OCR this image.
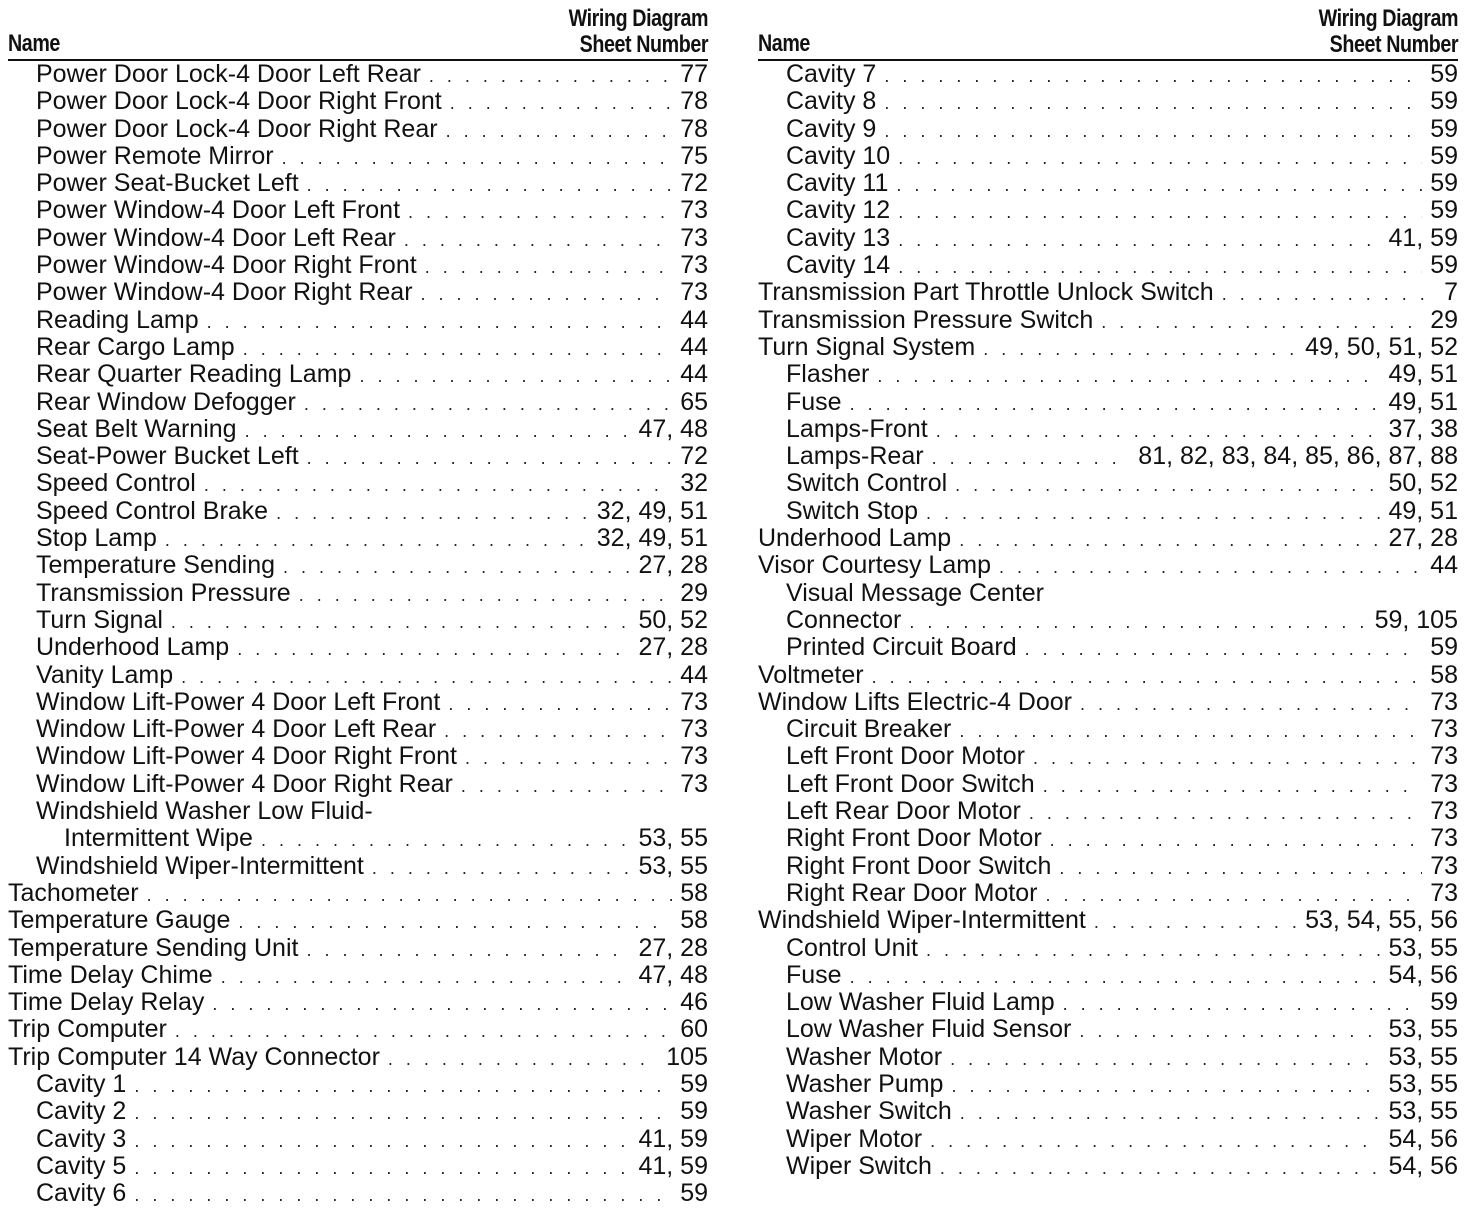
Name
Wiring Diagram
Sheet Number
Power Door Lock-4 Door Left Rear . . .	77
Power Door Lock-4 Door Right Front . . .	78
Power Door Lock-4 Door Right Rear . . .	78
Power Remote Mirror . . .	75
Power Seat-Bucket Left . . .	72
Power Window-4 Door Left Front . . .	73
Power Window-4 Door Left Rear . . .	73
Power Window-4 Door Right Front . . .	73
Power Window-4 Door Right Rear . . .	73
Reading Lamp . . .	44
Rear Cargo Lamp . . .	44
Rear Quarter Reading Lamp . . .	44
Rear Window Defogger . . .	65
Seat Belt Warning . . .	47, 48
Seat-Power Bucket Left . . .	72
Speed Control . . .	32
Speed Control Brake . . .	32, 49, 51
Stop Lamp . . .	32, 49, 51
Temperature Sending . . .	27, 28
Transmission Pressure . . .	29
Turn Signal . . .	50, 52
Underhood Lamp . . .	27, 28
Vanity Lamp . . .	44
Window Lift-Power 4 Door Left Front . . .	73
Window Lift-Power 4 Door Left Rear . . .	73
Window Lift-Power 4 Door Right Front . . .	73
Window Lift-Power 4 Door Right Rear . . .	73
Windshield Washer Low Fluid-
Intermittent Wipe . . .	53, 55
Windshield Wiper-Intermittent . . .	53, 55
Tachometer . . .	58
Temperature Gauge . . .	58
Temperature Sending Unit . . .	27, 28
Time Delay Chime . . .	47, 48
Time Delay Relay . . .	46
Trip Computer . . .	60
Trip Computer 14 Way Connector . . .	105
Cavity 1 . . .	59
Cavity 2 . . .	59
Cavity 3 . . .	41, 59
Cavity 5 . . .	41, 59
Cavity 6 . . .	59
Name
Wiring Diagram
Sheet Number
Cavity 7 . . .	59
Cavity 8 . . .	59
Cavity 9 . . .	59
Cavity 10 . . .	59
Cavity 11 . . .	59
Cavity 12 . . .	59
Cavity 13 . . .	41, 59
Cavity 14 . . .	59
Transmission Part Throttle Unlock Switch . . .	7
Transmission Pressure Switch . . .	29
Turn Signal System . . .	49, 50, 51, 52
Flasher . . .	49, 51
Fuse . . .	49, 51
Lamps-Front . . .	37, 38
Lamps-Rear . . .	81, 82, 83, 84, 85, 86, 87, 88
Switch Control . . .	50, 52
Switch Stop . . .	49, 51
Underhood Lamp . . .	27, 28
Visor Courtesy Lamp . . .	44
Visual Message Center
Connector . . .	59, 105
Printed Circuit Board . . .	59
Voltmeter . . .	58
Window Lifts Electric-4 Door . . .	73
Circuit Breaker . . .	73
Left Front Door Motor . . .	73
Left Front Door Switch . . .	73
Left Rear Door Motor . . .	73
Right Front Door Motor . . .	73
Right Front Door Switch . . .	73
Right Rear Door Motor . . .	73
Windshield Wiper-Intermittent . . .	53, 54, 55, 56
Control Unit . . .	53, 55
Fuse . . .	54, 56
Low Washer Fluid Lamp . . .	59
Low Washer Fluid Sensor . . .	53, 55
Washer Motor . . .	53, 55
Washer Pump . . .	53, 55
Washer Switch . . .	53, 55
Wiper Motor . . .	54, 56
Wiper Switch . . .	54, 56
